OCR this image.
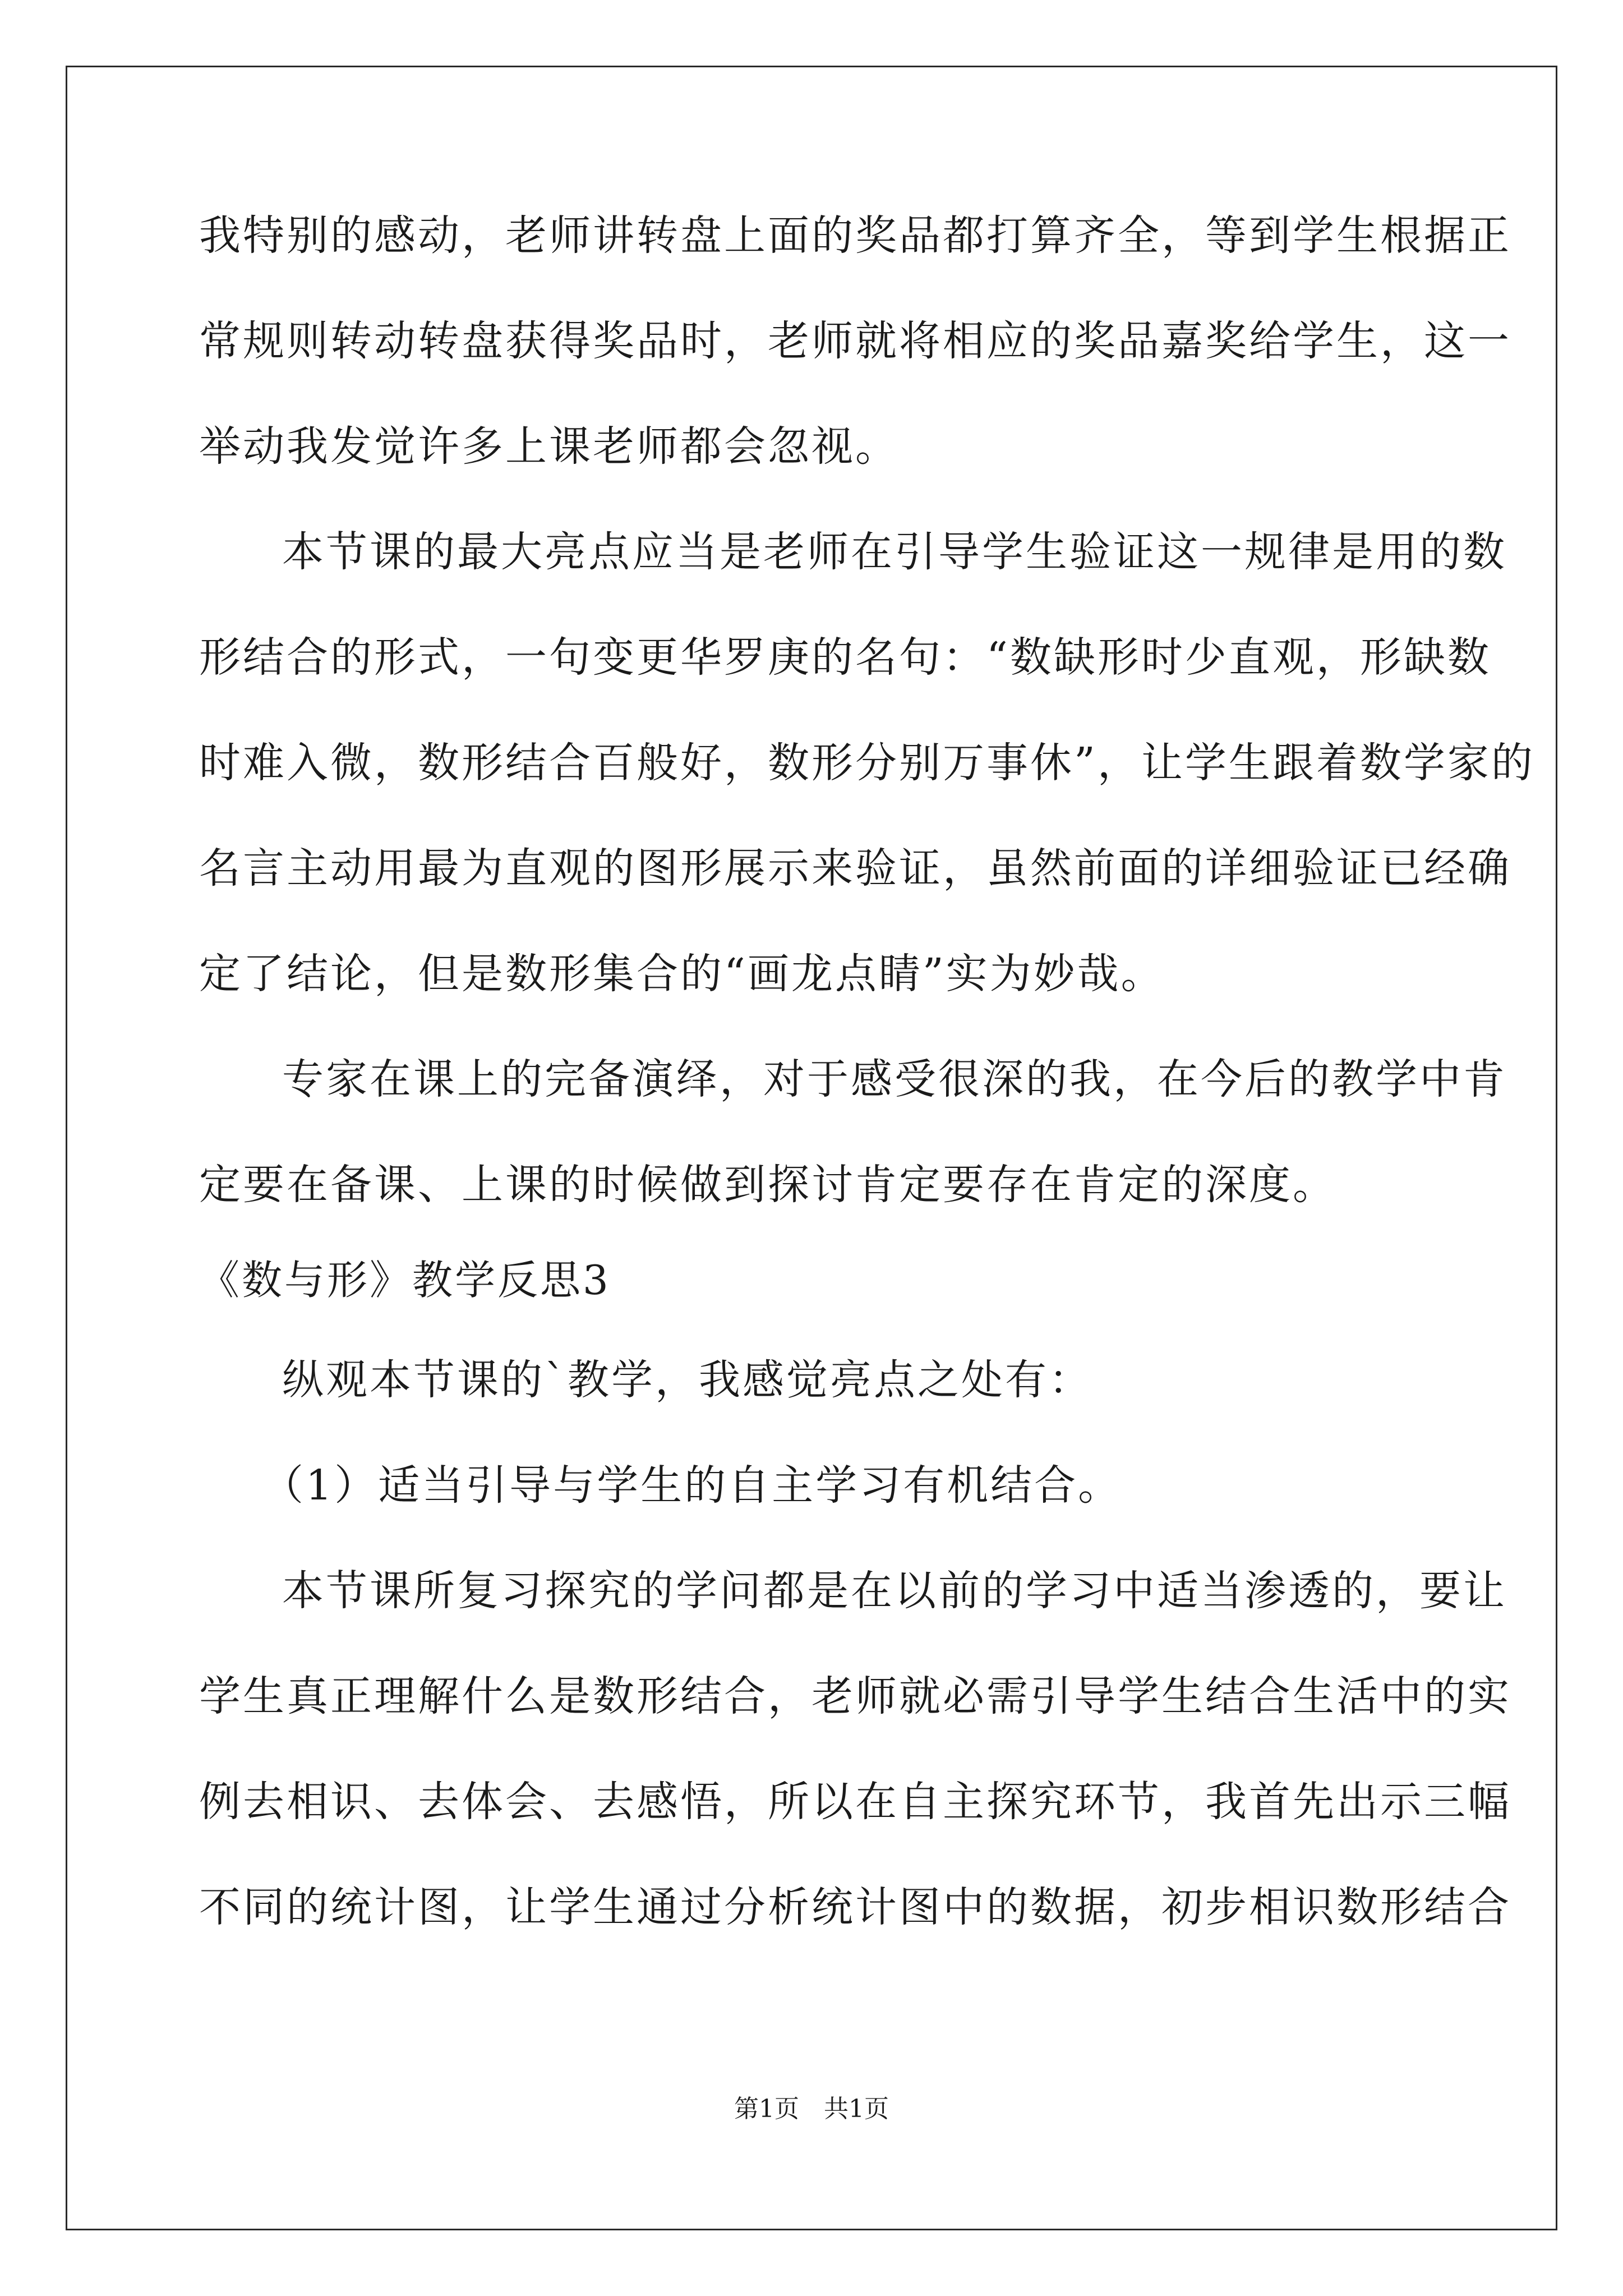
我特别的感动，老师讲转盘上面的奖品都打算齐全，等到学生根据正
常规则转动转盘获得奖品时，老师就将相应的奖品嘉奖给学生，这一
举动我发觉许多上课老师都会忽视。
本节课的最大亮点应当是老师在引导学生验证这一规律是用的数
形结合的形式，一句变更华罗庚的名句：“数缺形时少直观，形缺数
时难入微，数形结合百般好，数形分别万事休”，让学生跟着数学家的
名言主动用最为直观的图形展示来验证，虽然前面的详细验证已经确
定了结论，但是数形集合的“画龙点睛”实为妙哉。
专家在课上的完备演绎，对于感受很深的我，在今后的教学中肯
定要在备课、上课的时候做到探讨肯定要存在肯定的深度。
《数与形》教学反思3
纵观本节课的`教学，我感觉亮点之处有：
（1）适当引导与学生的自主学习有机结合。
本节课所复习探究的学问都是在以前的学习中适当渗透的，要让
学生真正理解什么是数形结合，老师就必需引导学生结合生活中的实
例去相识、去体会、去感悟，所以在自主探究环节，我首先出示三幅
不同的统计图，让学生通过分析统计图中的数据，初步相识数形结合
第1页　共1页
